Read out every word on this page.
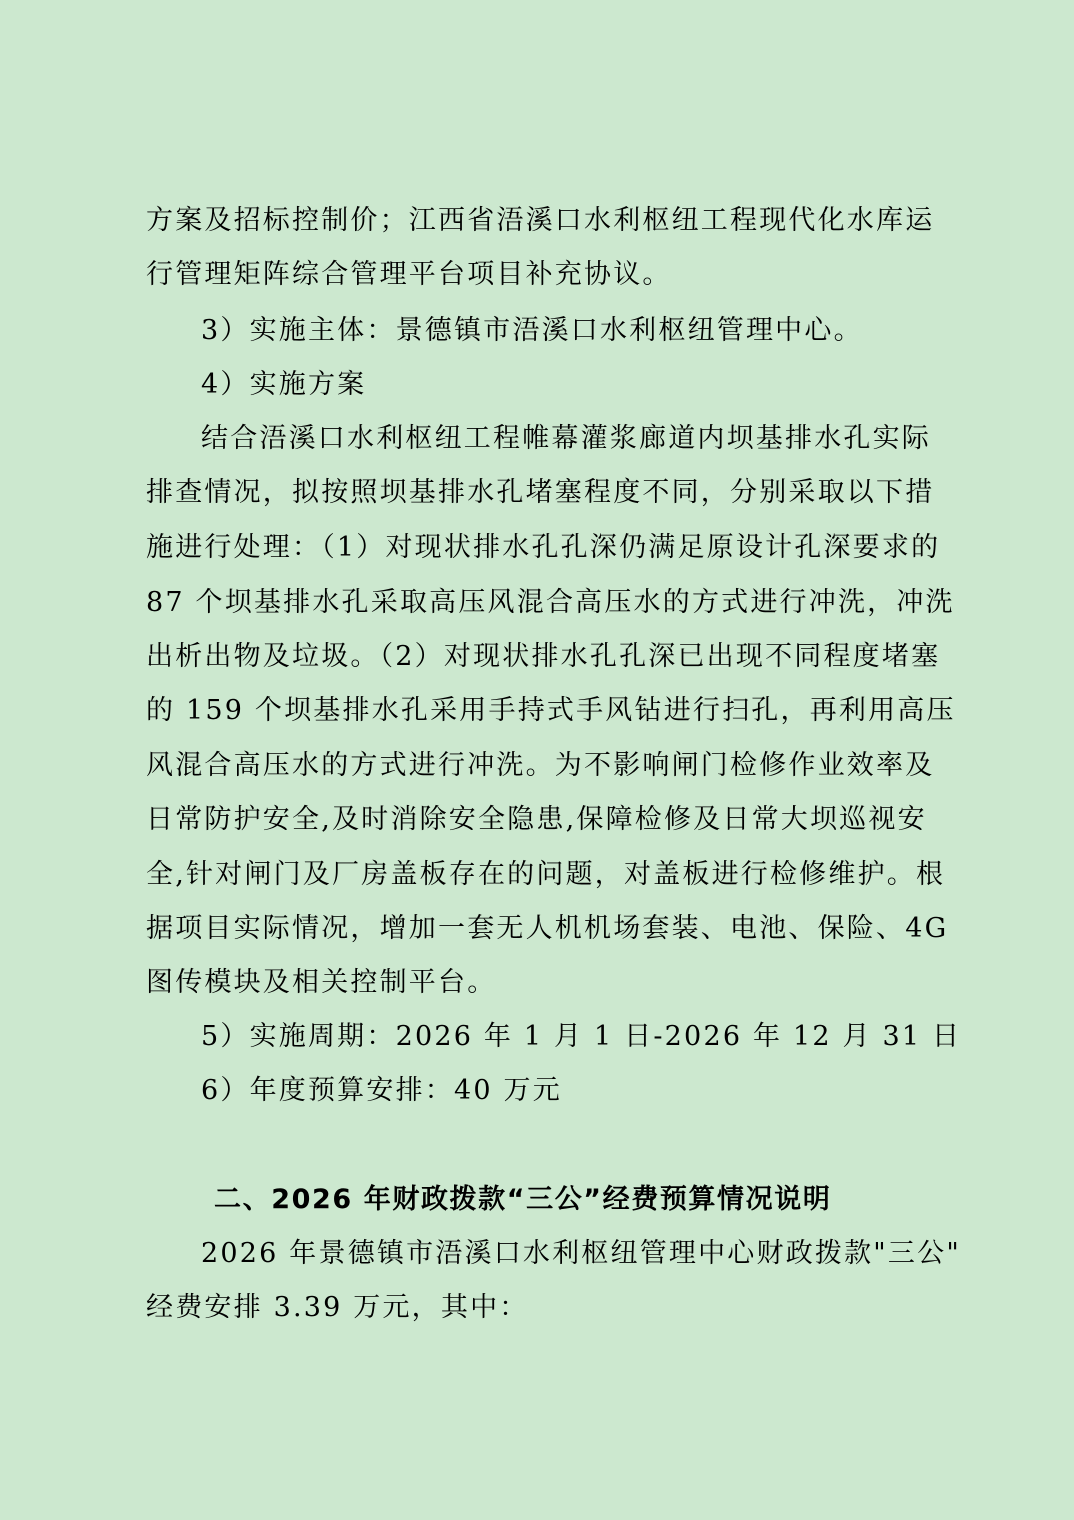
方案及招标控制价；江西省浯溪口水利枢纽工程现代化水库运
行管理矩阵综合管理平台项目补充协议。
3）实施主体：景德镇市浯溪口水利枢纽管理中心。
4）实施方案
结合浯溪口水利枢纽工程帷幕灌浆廊道内坝基排水孔实际
排查情况，拟按照坝基排水孔堵塞程度不同，分别采取以下措
施进行处理：（1）对现状排水孔孔深仍满足原设计孔深要求的
87 个坝基排水孔采取高压风混合高压水的方式进行冲洗，冲洗
出析出物及垃圾。（2）对现状排水孔孔深已出现不同程度堵塞
的 159 个坝基排水孔采用手持式手风钻进行扫孔，再利用高压
风混合高压水的方式进行冲洗。为不影响闸门检修作业效率及
日常防护安全,及时消除安全隐患,保障检修及日常大坝巡视安
全,针对闸门及厂房盖板存在的问题，对盖板进行检修维护。根
据项目实际情况，增加一套无人机机场套装、电池、保险、4G
图传模块及相关控制平台。
5）实施周期：2026 年 1 月 1 日-2026 年 12 月 31 日
6）年度预算安排：40 万元
二、2026 年财政拨款“三公”经费预算情况说明
2026 年景德镇市浯溪口水利枢纽管理中心财政拨款"三公"
经费安排 3.39 万元，其中：
